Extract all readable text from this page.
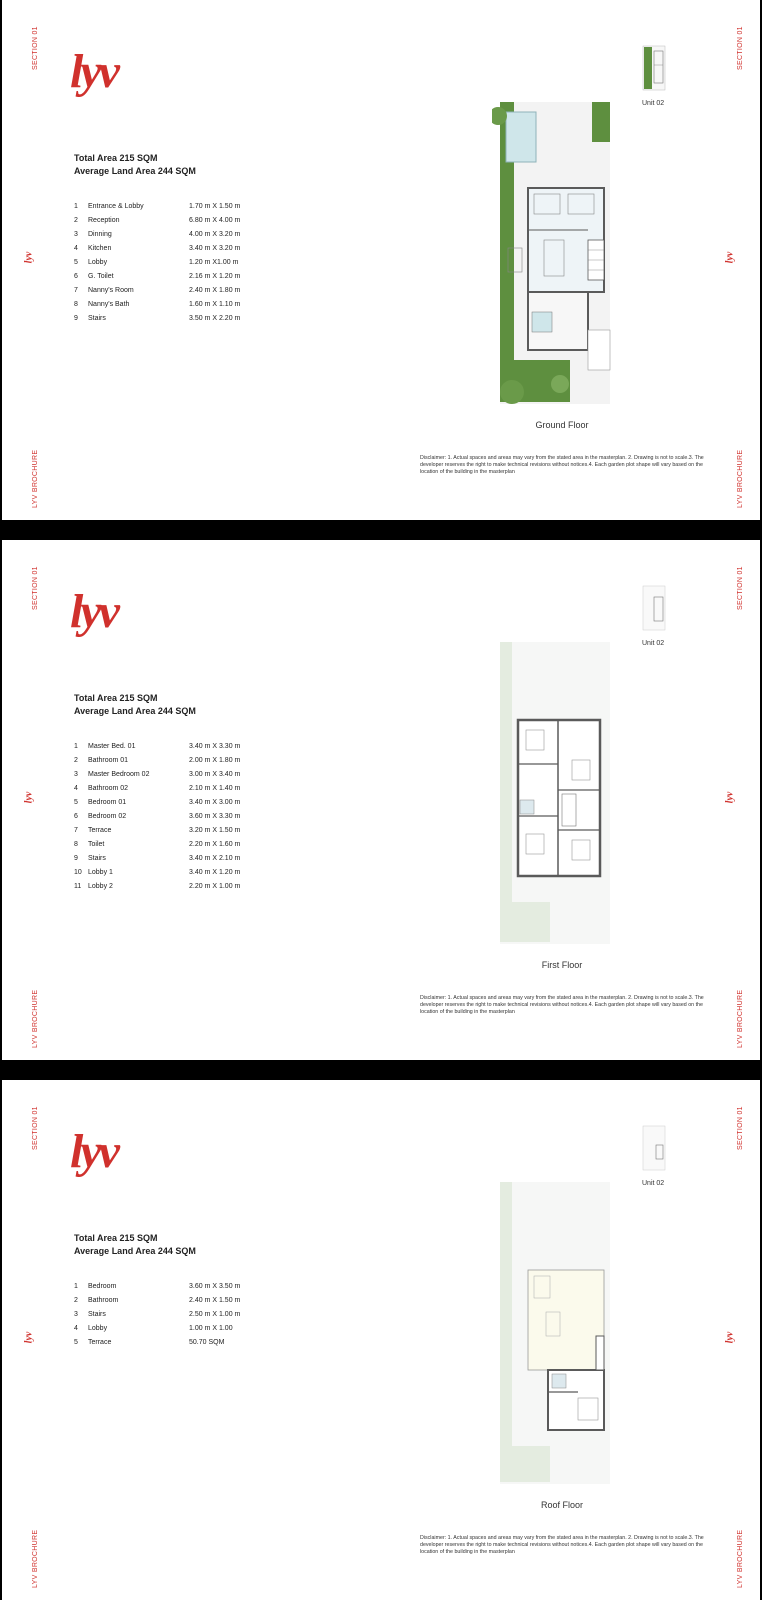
SECTION 01
LYV BROCHURE
SECTION 01
LYV BROCHURE
lyv	lyv
lyv
Total Area 215 SQM
Average Land Area 244 SQM
1	Entrance & Lobby	1.70 m X 1.50 m
2	Reception	6.80 m X 4.00 m
3	Dinning	4.00 m X 3.20 m
4	Kitchen	3.40 m X 3.20 m
5	Lobby	1.20 m X1.00 m
6	G. Toilet	2.16 m X 1.20 m
7	Nanny's Room	2.40 m X 1.80 m
8	Nanny's Bath	1.60 m X 1.10 m
9	Stairs	3.50 m X 2.20 m
Unit 02
Ground Floor
Disclaimer: 1. Actual spaces and areas may vary from the stated area in the masterplan. 2. Drawing is not to scale.3. The developer reserves the right to make technical revisions without notices.4. Each garden plot shape will vary based on the location of the building in the masterplan
SECTION 01
LYV BROCHURE
SECTION 01
LYV BROCHURE
lyv	lyv
lyv
Total Area 215 SQM
Average Land Area 244 SQM
1	Master Bed. 01	3.40 m X 3.30 m
2	Bathroom 01	2.00 m X 1.80 m
3	Master Bedroom 02	3.00 m X 3.40 m
4	Bathroom 02	2.10 m X 1.40 m
5	Bedroom 01	3.40 m X 3.00 m
6	Bedroom 02	3.60 m X 3.30 m
7	Terrace	3.20 m X 1.50 m
8	Toilet	2.20 m X 1.60 m
9	Stairs	3.40 m X 2.10 m
10	Lobby 1	3.40 m X 1.20 m
11	Lobby 2	2.20 m X 1.00 m
Unit 02
First Floor
Disclaimer: 1. Actual spaces and areas may vary from the stated area in the masterplan. 2. Drawing is not to scale.3. The developer reserves the right to make technical revisions without notices.4. Each garden plot shape will vary based on the location of the building in the masterplan
SECTION 01
LYV BROCHURE
SECTION 01
LYV BROCHURE
lyv	lyv
lyv
Total Area 215 SQM
Average Land Area 244 SQM
1	Bedroom	3.60 m X 3.50 m
2	Bathroom	2.40 m X 1.50 m
3	Stairs	2.50 m X 1.00 m
4	Lobby	1.00 m X 1.00
5	Terrace	50.70 SQM
Unit 02
Roof Floor
Disclaimer: 1. Actual spaces and areas may vary from the stated area in the masterplan. 2. Drawing is not to scale.3. The developer reserves the right to make technical revisions without notices.4. Each garden plot shape will vary based on the location of the building in the masterplan
